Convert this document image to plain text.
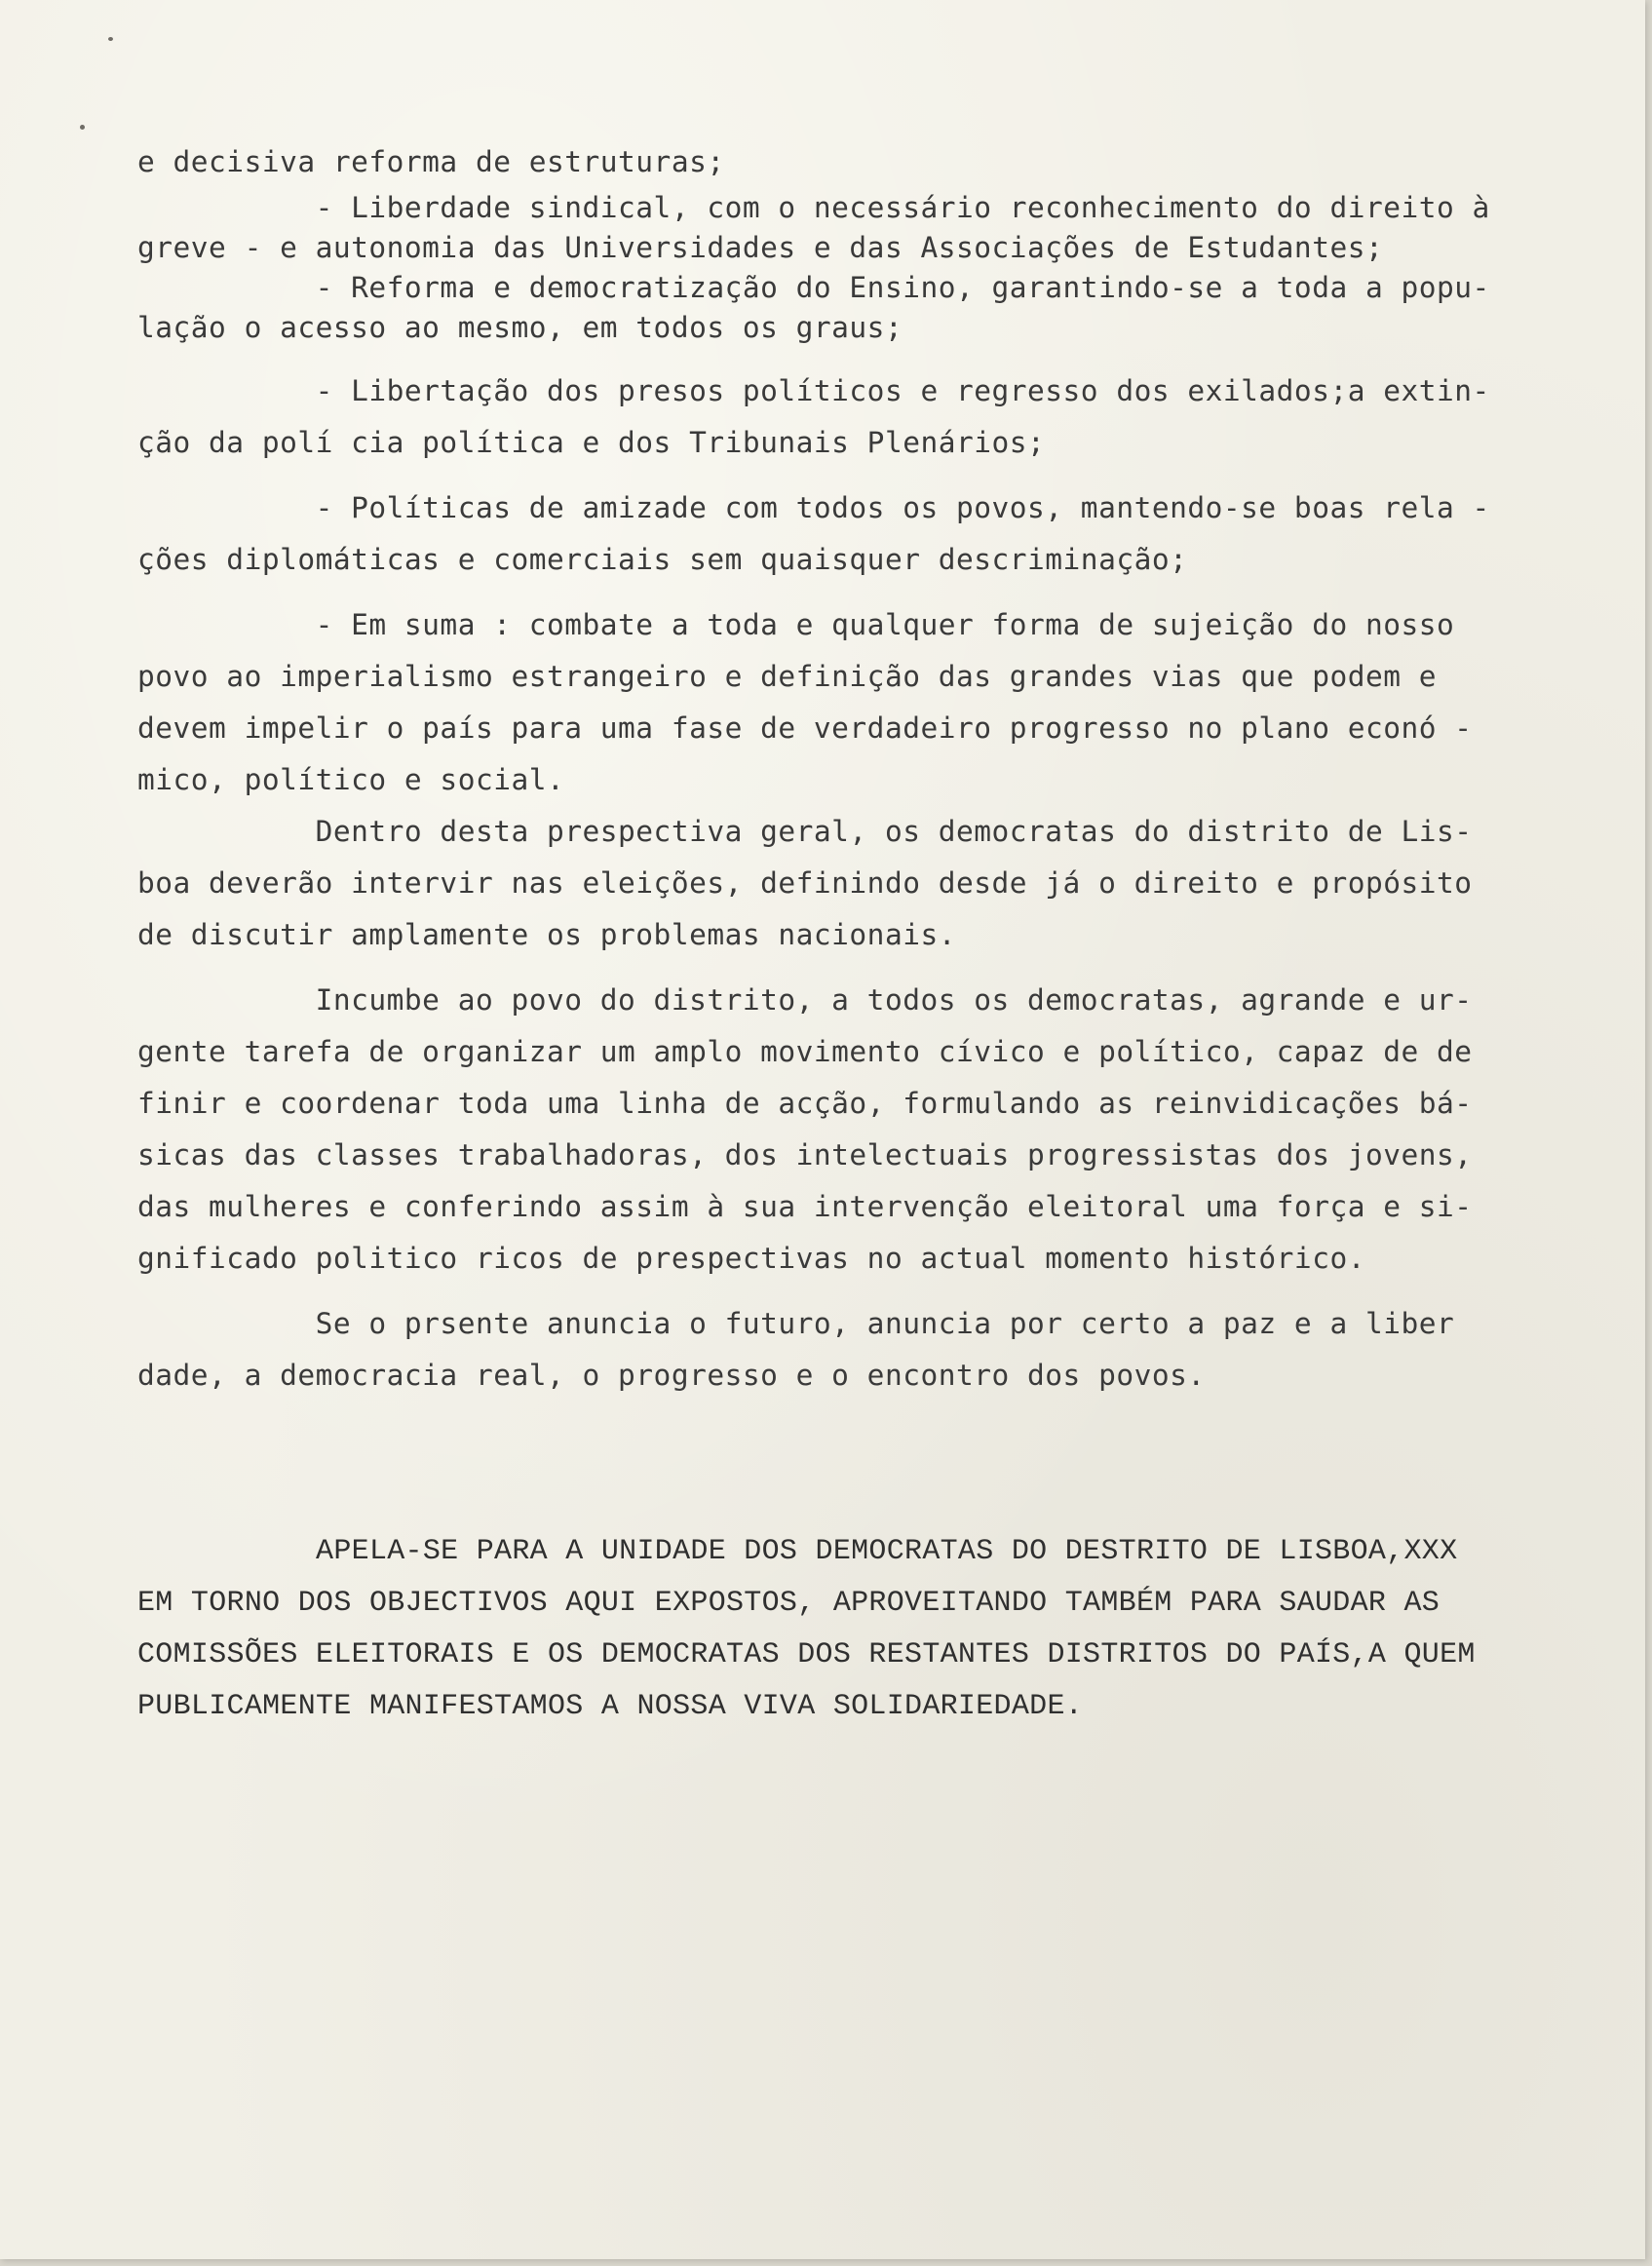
e decisiva reforma de estruturas;
- Liberdade sindical, com o necessário reconhecimento do direito à
greve - e autonomia das Universidades e das Associações de Estudantes;
- Reforma e democratização do Ensino, garantindo-se a toda a popu-
lação o acesso ao mesmo, em todos os graus;
- Libertação dos presos políticos e regresso dos exilados;a extin-
ção da polí cia política e dos Tribunais Plenários;
- Políticas de amizade com todos os povos, mantendo-se boas rela -
ções diplomáticas e comerciais sem quaisquer descriminação;
- Em suma : combate a toda e qualquer forma de sujeição do nosso
povo ao imperialismo estrangeiro e definição das grandes vias que podem e
devem impelir o país para uma fase de verdadeiro progresso no plano econó -
mico, político e social.
Dentro desta prespectiva geral, os democratas do distrito de Lis-
boa deverão intervir nas eleições, definindo desde já o direito e propósito
de discutir amplamente os problemas nacionais.
Incumbe ao povo do distrito, a todos os democratas, agrande e ur-
gente tarefa de organizar um amplo movimento cívico e político, capaz de de
finir e coordenar toda uma linha de acção, formulando as reinvidicações bá-
sicas das classes trabalhadoras, dos intelectuais progressistas dos jovens,
das mulheres e conferindo assim à sua intervenção eleitoral uma força e si-
gnificado politico ricos de prespectivas no actual momento histórico.
Se o prsente anuncia o futuro, anuncia por certo a paz e a liber
dade, a democracia real, o progresso e o encontro dos povos.
APELA-SE PARA A UNIDADE DOS DEMOCRATAS DO DESTRITO DE LISBOA,XXX
EM TORNO DOS OBJECTIVOS AQUI EXPOSTOS, APROVEITANDO TAMBÉM PARA SAUDAR AS
COMISSÕES ELEITORAIS E OS DEMOCRATAS DOS RESTANTES DISTRITOS DO PAÍS,A QUEM
PUBLICAMENTE MANIFESTAMOS A NOSSA VIVA SOLIDARIEDADE.
